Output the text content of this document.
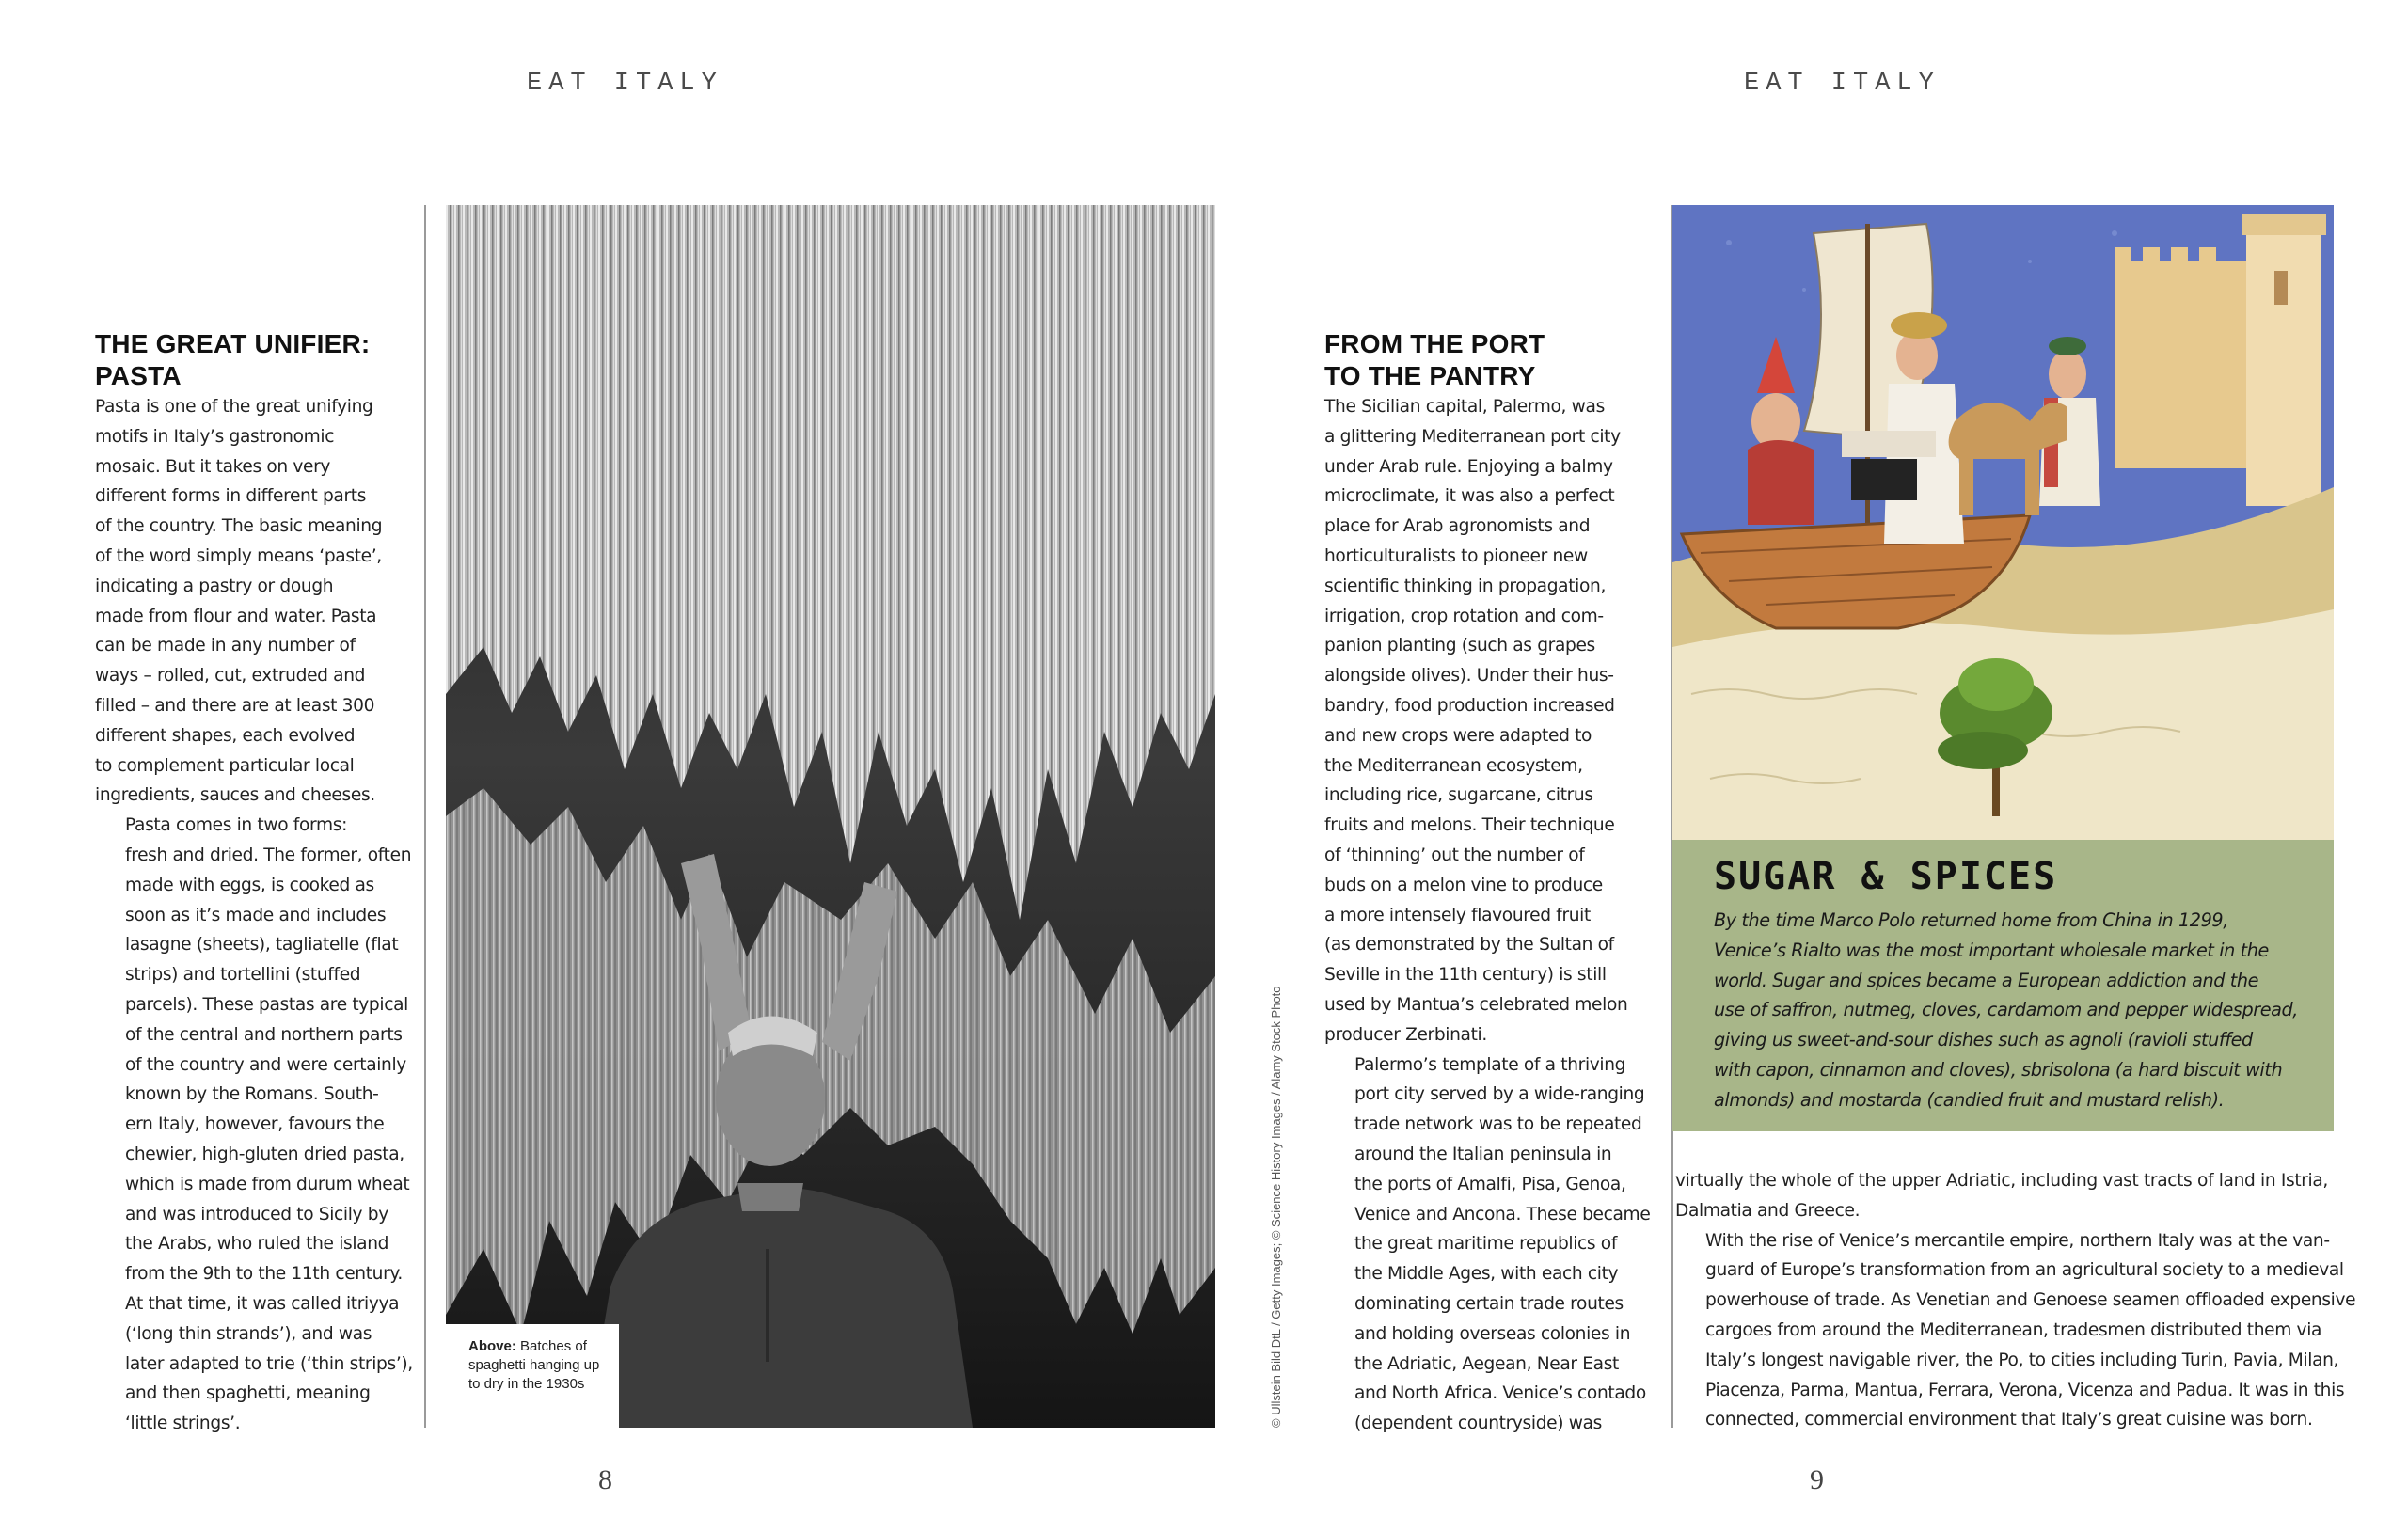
EAT ITALY
THE GREAT UNIFIER:
PASTA

Pasta is one of the great unifying
motifs in Italy’s gastronomic
mosaic. But it takes on very
different forms in different parts
of the country. The basic meaning
of the word simply means ‘paste’,
indicating a pastry or dough
made from flour and water. Pasta
can be made in any number of
ways – rolled, cut, extruded and
filled – and there are at least 300
different shapes, each evolved
to complement particular local
ingredients, sauces and cheeses.

Pasta comes in two forms:
fresh and dried. The former, often
made with eggs, is cooked as
soon as it’s made and includes
lasagne (sheets), tagliatelle (flat
strips) and tortellini (stuffed
parcels). These pastas are typical
of the central and northern parts
of the country and were certainly
known by the Romans. South-
ern Italy, however, favours the
chewier, high-gluten dried pasta,
which is made from durum wheat
and was introduced to Sicily by
the Arabs, who ruled the island
from the 9th to the 11th century.
At that time, it was called itriyya
(‘long thin strands’), and was
later adapted to trie (‘thin strips’),
and then spaghetti, meaning
‘little strings’.

Above: Batches of
spaghetti hanging up
to dry in the 1930s	© Ullstein Bild DtL / Getty Images; © Science History Images / Alamy Stock Photo
8
EAT ITALY
FROM THE PORT
TO THE PANTRY

The Sicilian capital, Palermo, was
a glittering Mediterranean port city
under Arab rule. Enjoying a balmy
microclimate, it was also a perfect
place for Arab agronomists and
horticulturalists to pioneer new
scientific thinking in propagation,
irrigation, crop rotation and com-
panion planting (such as grapes
alongside olives). Under their hus-
bandry, food production increased
and new crops were adapted to
the Mediterranean ecosystem,
including rice, sugarcane, citrus
fruits and melons. Their technique
of ‘thinning’ out the number of
buds on a melon vine to produce
a more intensely flavoured fruit
(as demonstrated by the Sultan of
Seville in the 11th century) is still
used by Mantua’s celebrated melon
producer Zerbinati.

Palermo’s template of a thriving
port city served by a wide-ranging
trade network was to be repeated
around the Italian peninsula in
the ports of Amalfi, Pisa, Genoa,
Venice and Ancona. These became
the great maritime republics of
the Middle Ages, with each city
dominating certain trade routes
and holding overseas colonies in
the Adriatic, Aegean, Near East
and North Africa. Venice’s contado
(dependent countryside) was

SUGAR & SPICES
By the time Marco Polo returned home from China in 1299,
Venice’s Rialto was the most important wholesale market in the
world. Sugar and spices became a European addiction and the
use of saffron, nutmeg, cloves, cardamom and pepper widespread,
giving us sweet-and-sour dishes such as agnoli (ravioli stuffed
with capon, cinnamon and cloves), sbrisolona (a hard biscuit with
almonds) and mostarda (candied fruit and mustard relish).

virtually the whole of the upper Adriatic, including vast tracts of land in Istria,
Dalmatia and Greece.

With the rise of Venice’s mercantile empire, northern Italy was at the van-
guard of Europe’s transformation from an agricultural society to a medieval
powerhouse of trade. As Venetian and Genoese seamen offloaded expensive
cargoes from around the Mediterranean, tradesmen distributed them via
Italy’s longest navigable river, the Po, to cities including Turin, Pavia, Milan,
Piacenza, Parma, Mantua, Ferrara, Verona, Vicenza and Padua. It was in this
connected, commercial environment that Italy’s great cuisine was born.

9
